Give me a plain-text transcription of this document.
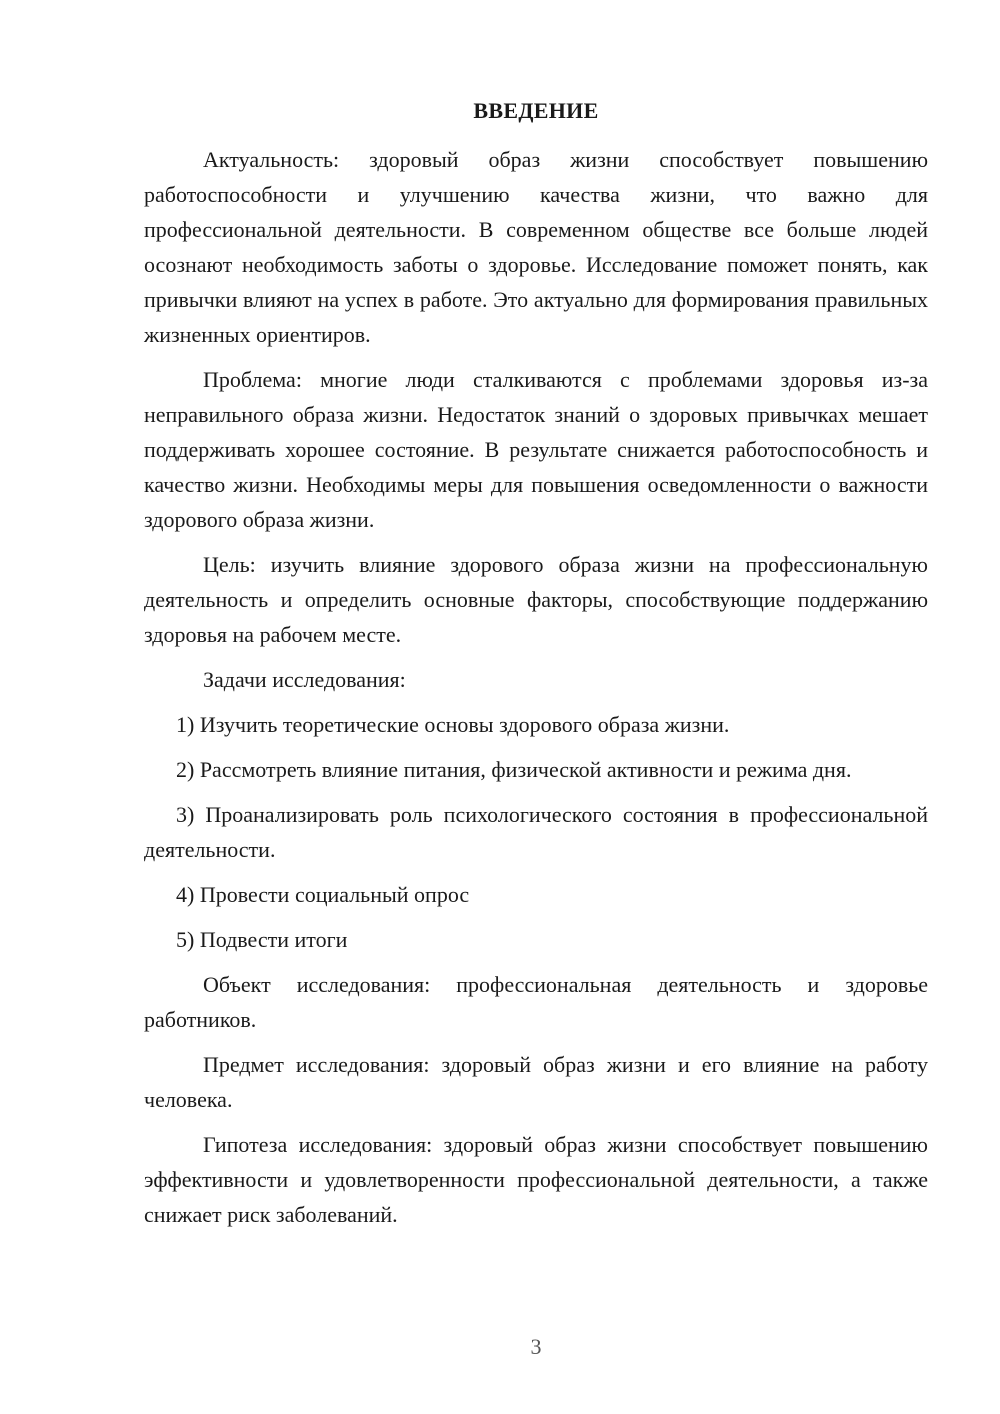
ВВЕДЕНИЕ

Актуальность: здоровый образ жизни способствует повышению работоспособности и улучшению качества жизни, что важно для профессиональной деятельности. В современном обществе все больше людей осознают необходимость заботы о здоровье. Исследование поможет понять, как привычки влияют на успех в работе. Это актуально для формирования правильных жизненных ориентиров.

Проблема: многие люди сталкиваются с проблемами здоровья из-за неправильного образа жизни. Недостаток знаний о здоровых привычках мешает поддерживать хорошее состояние. В результате снижается работоспособность и качество жизни. Необходимы меры для повышения осведомленности о важности здорового образа жизни.

Цель: изучить влияние здорового образа жизни на профессиональную деятельность и определить основные факторы, способствующие поддержанию здоровья на рабочем месте.

Задачи исследования:

1) Изучить теоретические основы здорового образа жизни.

2) Рассмотреть влияние питания, физической активности и режима дня.

3) Проанализировать роль психологического состояния в профессиональной деятельности.

4) Провести социальный опрос

5) Подвести итоги

Объект исследования: профессиональная деятельность и здоровье работников.

Предмет исследования: здоровый образ жизни и его влияние на работу человека.

Гипотеза исследования: здоровый образ жизни способствует повышению эффективности и удовлетворенности профессиональной деятельности, а также снижает риск заболеваний.

3
